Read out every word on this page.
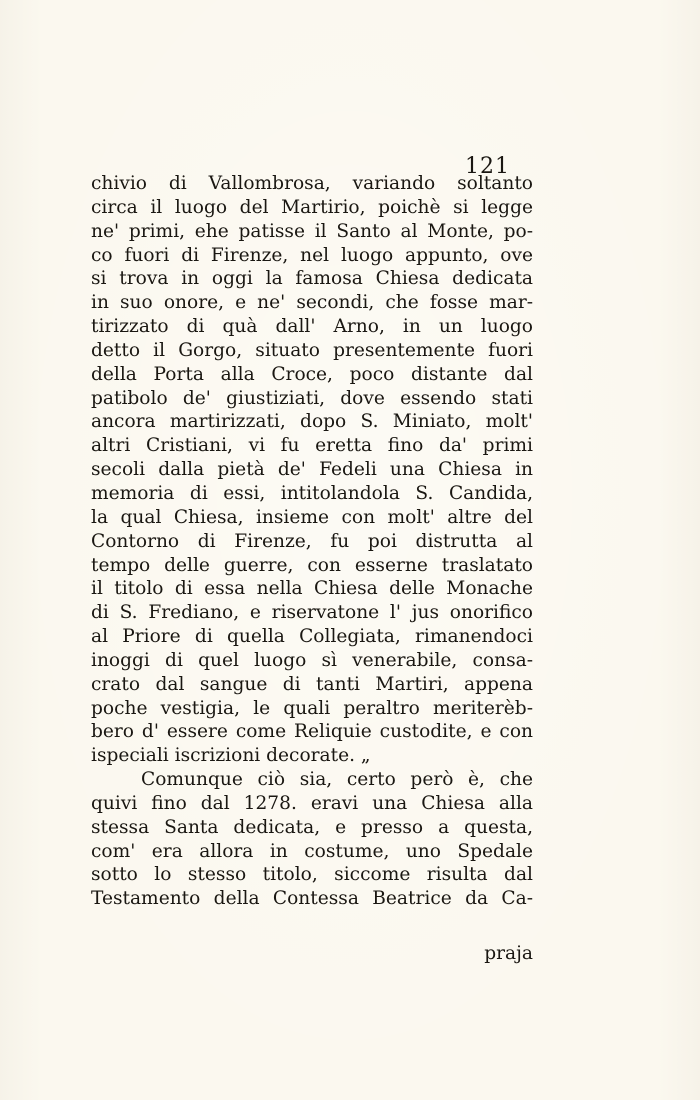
121
chivio di Vallombrosa, variando soltanto
circa il luogo del Martirio, poichè si legge
ne' primi, ehe patisse il Santo al Monte, po-
co fuori di Firenze, nel luogo appunto, ove
si trova in oggi la famosa Chiesa dedicata
in suo onore, e ne' secondi, che fosse mar-
tirizzato di quà dall' Arno, in un luogo
detto il Gorgo, situato presentemente fuori
della Porta alla Croce, poco distante dal
patibolo de' giustiziati, dove essendo stati
ancora martirizzati, dopo S. Miniato, molt'
altri Cristiani, vi fu eretta fino da' primi
secoli dalla pietà de' Fedeli una Chiesa in
memoria di essi, intitolandola S. Candida,
la qual Chiesa, insieme con molt' altre del
Contorno di Firenze, fu poi distrutta al
tempo delle guerre, con esserne traslatato
il titolo di essa nella Chiesa delle Monache
di S. Frediano, e riservatone l' jus onorifico
al Priore di quella Collegiata, rimanendoci
inoggi di quel luogo sì venerabile, consa-
crato dal sangue di tanti Martiri, appena
poche vestigia, le quali peraltro meriterèb-
bero d' essere come Reliquie custodite, e con
ispeciali iscrizioni decorate. „
Comunque ciò sia, certo però è, che
quivi fino dal 1278. eravi una Chiesa alla
stessa Santa dedicata, e presso a questa,
com' era allora in costume, uno Spedale
sotto lo stesso titolo, siccome risulta dal
Testamento della Contessa Beatrice da Ca-
praja
